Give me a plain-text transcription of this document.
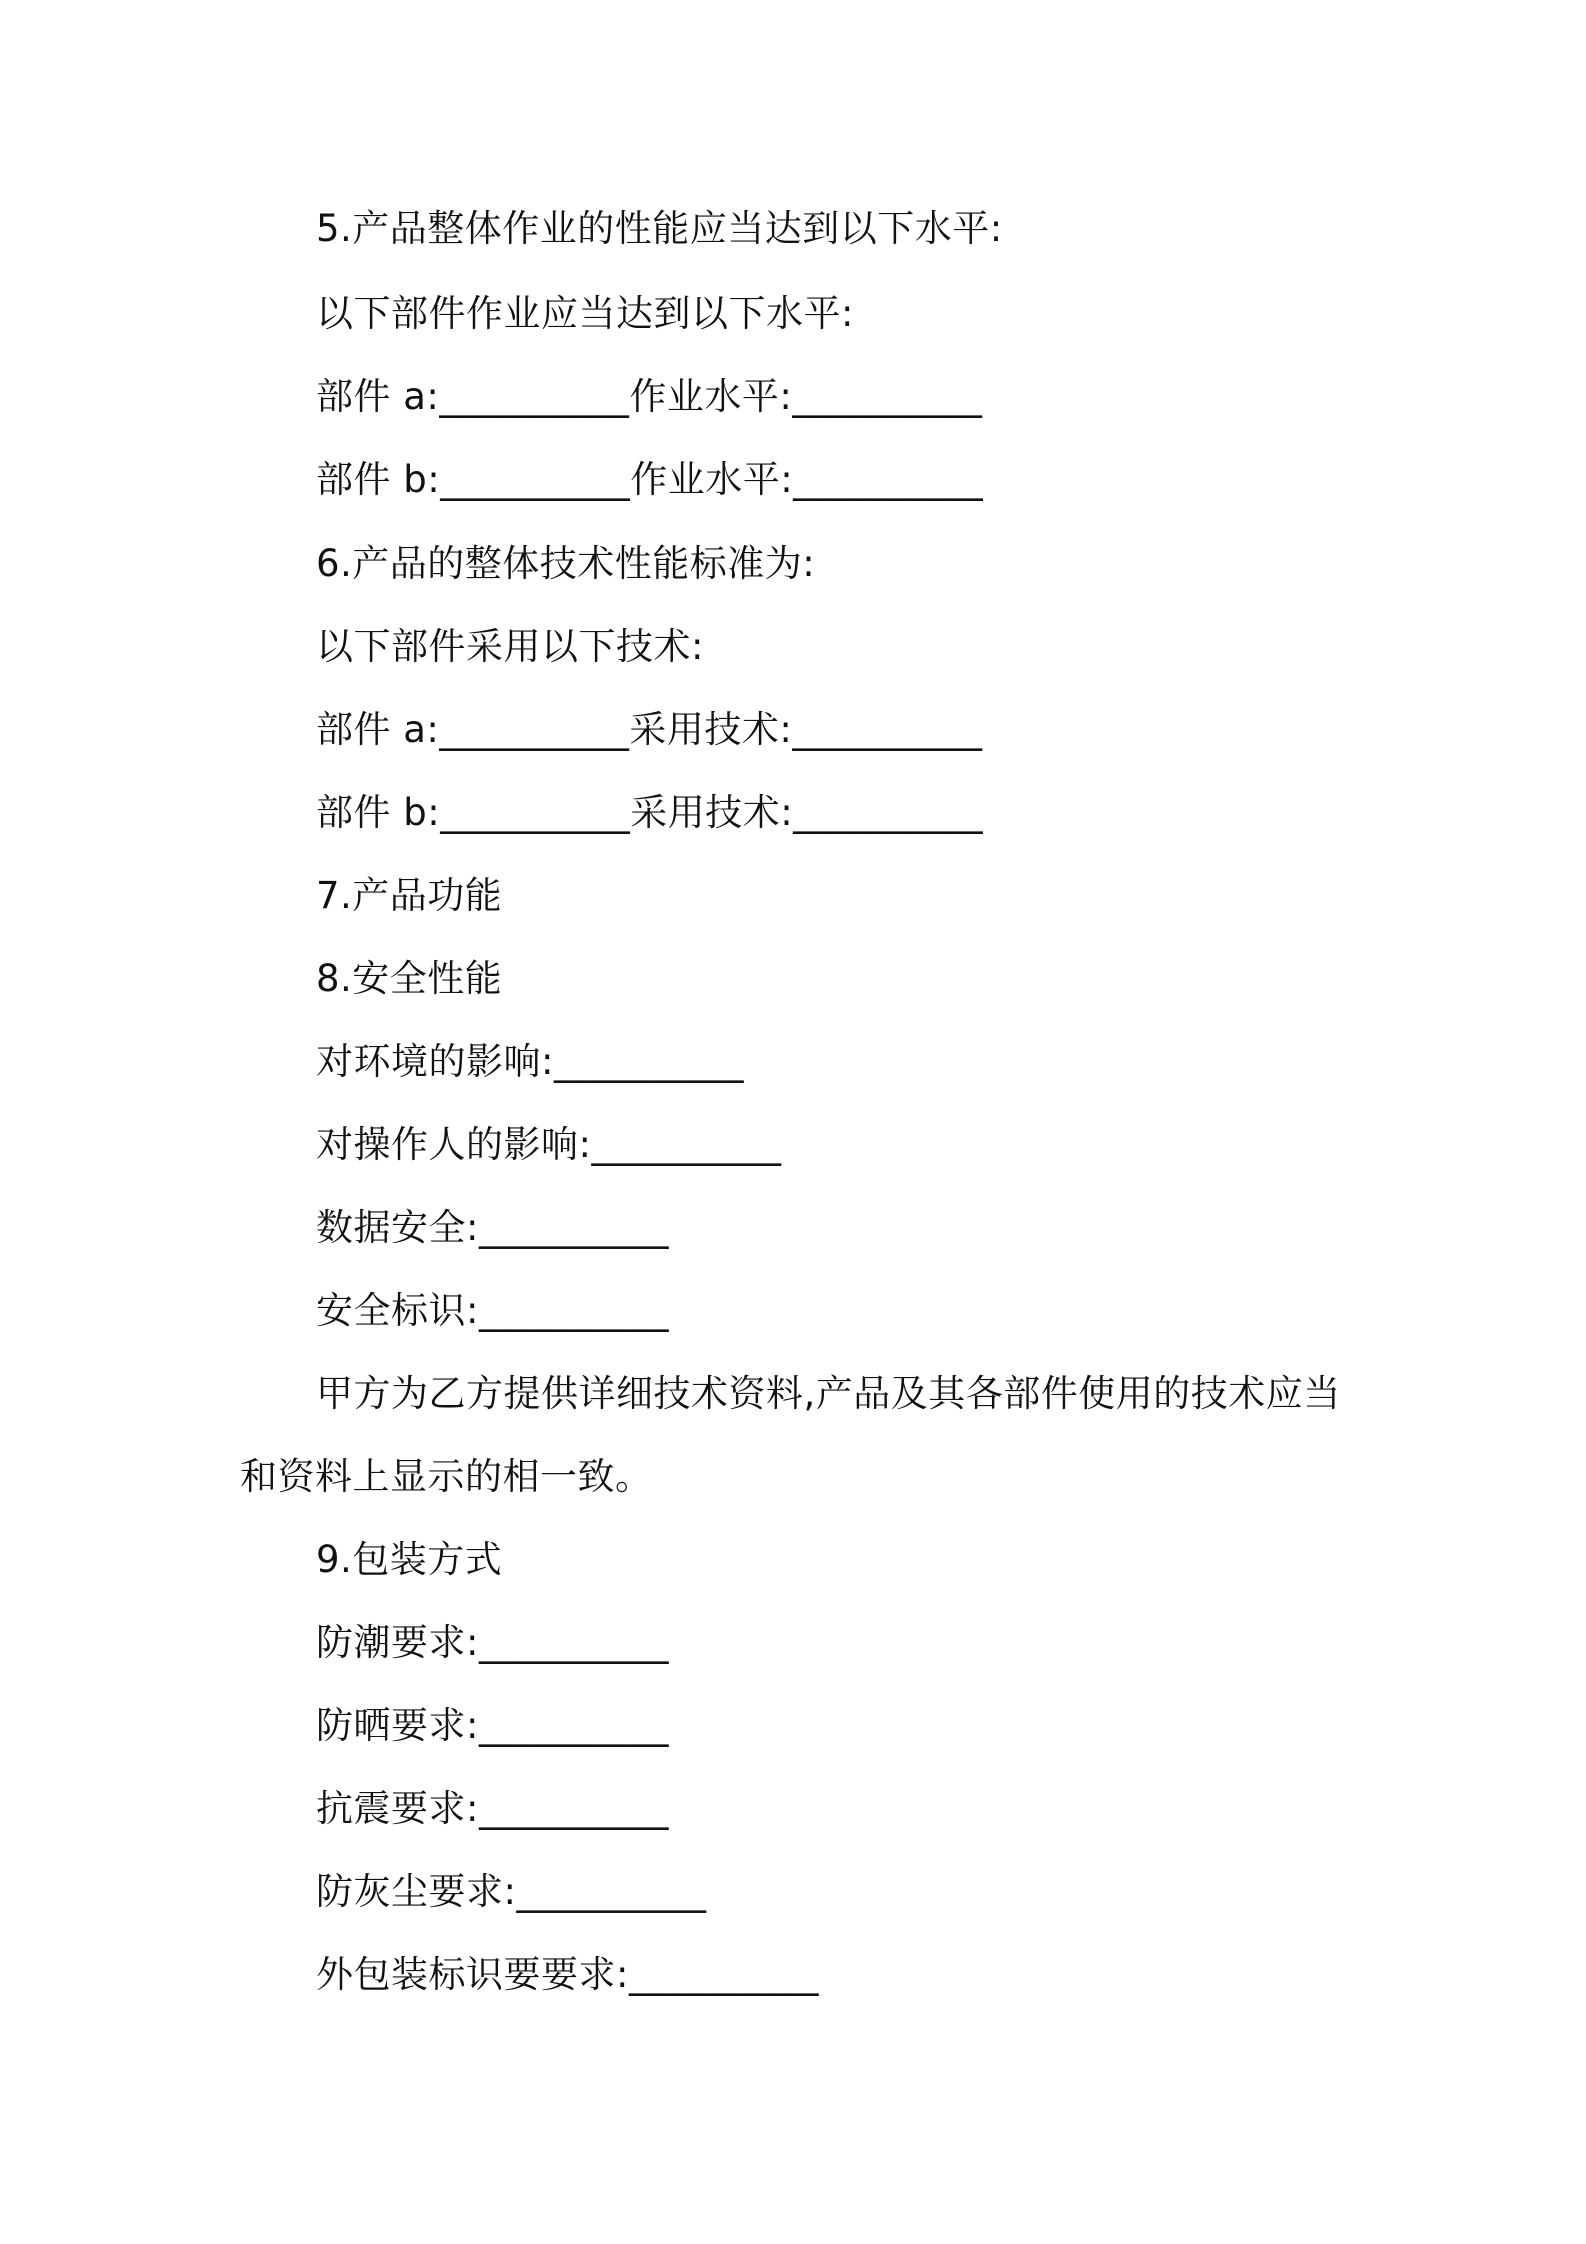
5.产品整体作业的性能应当达到以下水平:
以下部件作业应当达到以下水平:
部件 a:__________作业水平:__________
部件 b:__________作业水平:__________
6.产品的整体技术性能标准为:
以下部件采用以下技术:
部件 a:__________采用技术:__________
部件 b:__________采用技术:__________
7.产品功能
8.安全性能
对环境的影响:__________
对操作人的影响:__________
数据安全:__________
安全标识:__________
甲方为乙方提供详细技术资料,产品及其各部件使用的技术应当
和资料上显示的相一致。
9.包装方式
防潮要求:__________
防晒要求:__________
抗震要求:__________
防灰尘要求:__________
外包装标识要要求:__________
